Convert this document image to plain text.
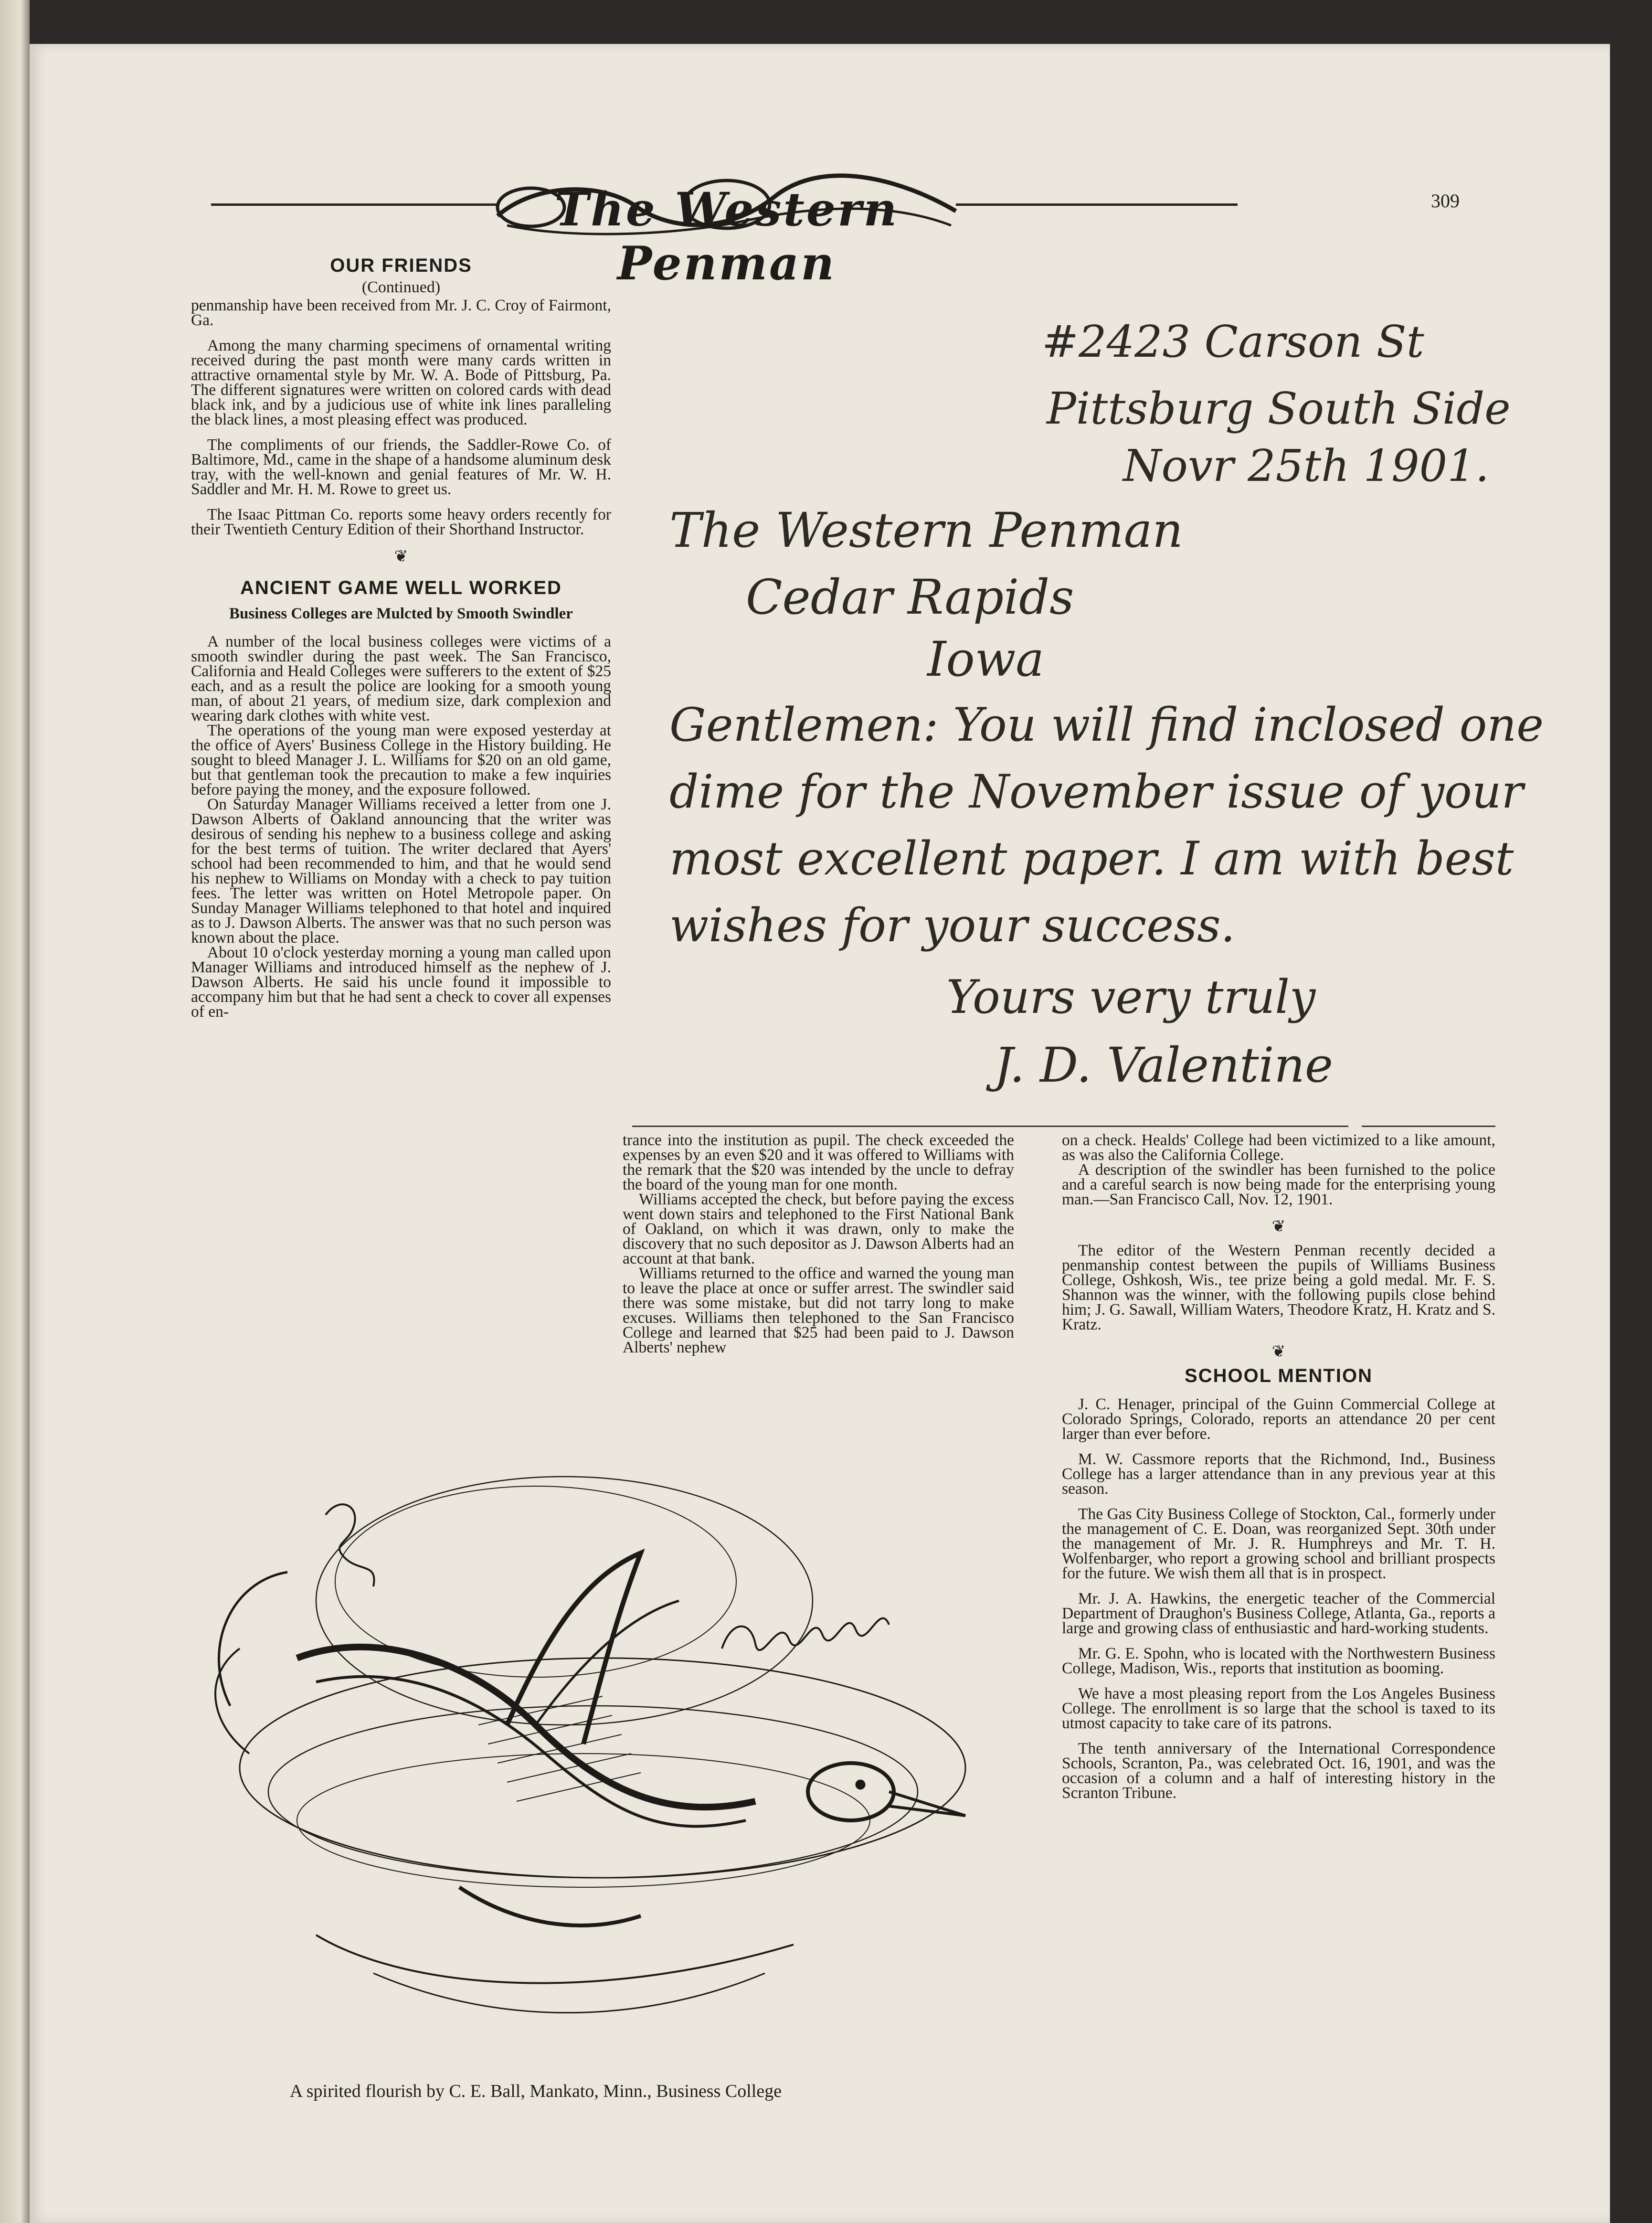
The Western Penman
309
OUR FRIENDS
(Continued)

penmanship have been received from Mr. J. C. Croy of Fairmont, Ga.

Among the many charming specimens of ornamental writing received during the past month were many cards written in attractive ornamental style by Mr. W. A. Bode of Pittsburg, Pa. The different signatures were written on colored cards with dead black ink, and by a judicious use of white ink lines paralleling the black lines, a most pleasing effect was produced.

The compliments of our friends, the Saddler-Rowe Co. of Baltimore, Md., came in the shape of a handsome aluminum desk tray, with the well-known and genial features of Mr. W. H. Saddler and Mr. H. M. Rowe to greet us.

The Isaac Pittman Co. reports some heavy orders recently for their Twentieth Century Edition of their Shorthand Instructor.

❦
ANCIENT GAME WELL WORKED
Business Colleges are Mulcted by Smooth Swindler

A number of the local business colleges were victims of a smooth swindler during the past week. The San Francisco, California and Heald Colleges were sufferers to the extent of $25 each, and as a result the police are looking for a smooth young man, of about 21 years, of medium size, dark complexion and wearing dark clothes with white vest.

The operations of the young man were exposed yesterday at the office of Ayers' Business College in the History building. He sought to bleed Manager J. L. Williams for $20 on an old game, but that gentleman took the precaution to make a few inquiries before paying the money, and the exposure followed.

On Saturday Manager Williams received a letter from one J. Dawson Alberts of Oakland announcing that the writer was desirous of sending his nephew to a business college and asking for the best terms of tuition. The writer declared that Ayers' school had been recommended to him, and that he would send his nephew to Williams on Monday with a check to pay tuition fees. The letter was written on Hotel Metropole paper. On Sunday Manager Williams telephoned to that hotel and inquired as to J. Dawson Alberts. The answer was that no such person was known about the place.

About 10 o'clock yesterday morning a young man called upon Manager Williams and introduced himself as the nephew of J. Dawson Alberts. He said his uncle found it impossible to accompany him but that he had sent a check to cover all expenses of en-

#2423 Carson St
Pittsburg South Side
Novr 25th 1901.
The Western Penman
Cedar Rapids
Iowa
Gentlemen: You will find inclosed one
dime for the November issue of your
most excellent paper. I am with best
wishes for your success.
Yours very truly
J. D. Valentine

trance into the institution as pupil. The check exceeded the expenses by an even $20 and it was offered to Williams with the remark that the $20 was intended by the uncle to defray the board of the young man for one month.

Williams accepted the check, but before paying the excess went down stairs and telephoned to the First National Bank of Oakland, on which it was drawn, only to make the discovery that no such depositor as J. Dawson Alberts had an account at that bank.

Williams returned to the office and warned the young man to leave the place at once or suffer arrest. The swindler said there was some mistake, but did not tarry long to make excuses. Williams then telephoned to the San Francisco College and learned that $25 had been paid to J. Dawson Alberts' nephew

on a check. Healds' College had been victimized to a like amount, as was also the California College.

A description of the swindler has been furnished to the police and a careful search is now being made for the enterprising young man.—San Francisco Call, Nov. 12, 1901.

❦

The editor of the Western Penman recently decided a penmanship contest between the pupils of Williams Business College, Oshkosh, Wis., tee prize being a gold medal. Mr. F. S. Shannon was the winner, with the following pupils close behind him; J. G. Sawall, William Waters, Theodore Kratz, H. Kratz and S. Kratz.

❦
SCHOOL MENTION

J. C. Henager, principal of the Guinn Commercial College at Colorado Springs, Colorado, reports an attendance 20 per cent larger than ever before.

M. W. Cassmore reports that the Richmond, Ind., Business College has a larger attendance than in any previous year at this season.

The Gas City Business College of Stockton, Cal., formerly under the management of C. E. Doan, was reorganized Sept. 30th under the management of Mr. J. R. Humphreys and Mr. T. H. Wolfenbarger, who report a growing school and brilliant prospects for the future. We wish them all that is in prospect.

Mr. J. A. Hawkins, the energetic teacher of the Commercial Department of Draughon's Business College, Atlanta, Ga., reports a large and growing class of enthusiastic and hard-working students.

Mr. G. E. Spohn, who is located with the Northwestern Business College, Madison, Wis., reports that institution as booming.

We have a most pleasing report from the Los Angeles Business College. The enrollment is so large that the school is taxed to its utmost capacity to take care of its patrons.

The tenth anniversary of the International Correspondence Schools, Scranton, Pa., was celebrated Oct. 16, 1901, and was the occasion of a column and a half of interesting history in the Scranton Tribune.

A spirited flourish by C. E. Ball, Mankato, Minn., Business College
